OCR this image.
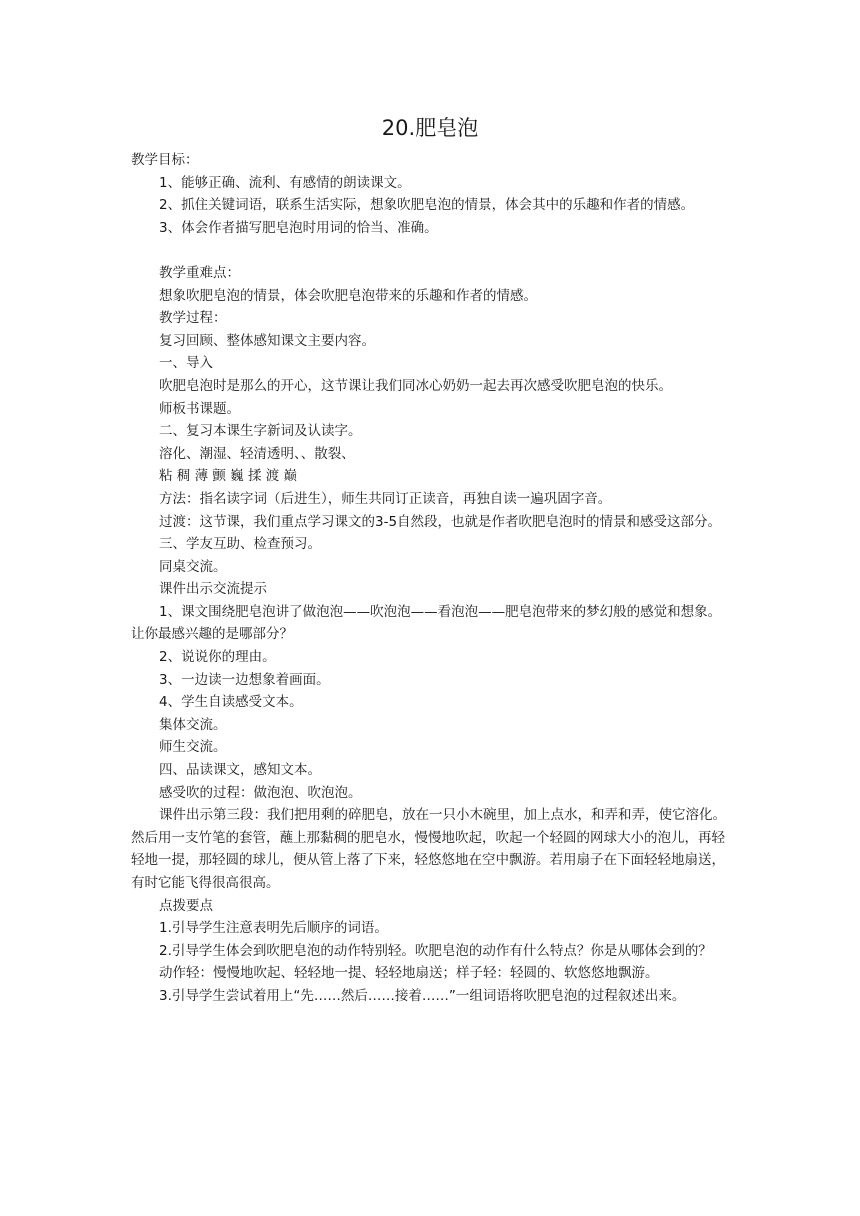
20.肥皂泡

教学目标：

1、能够正确、流利、有感情的朗读课文。

2、抓住关键词语，联系生活实际，想象吹肥皂泡的情景，体会其中的乐趣和作者的情感。

3、体会作者描写肥皂泡时用词的恰当、准确。

教学重难点：

想象吹肥皂泡的情景，体会吹肥皂泡带来的乐趣和作者的情感。

教学过程：

复习回顾、整体感知课文主要内容。

一、导入

吹肥皂泡时是那么的开心，这节课让我们同冰心奶奶一起去再次感受吹肥皂泡的快乐。

师板书课题。

二、复习本课生字新词及认读字。

溶化、潮湿、轻清透明、、散裂、

粘 稠 薄 颤 巍 揉 渡 巅

方法：指名读字词（后进生），师生共同订正读音，再独自读一遍巩固字音。

过渡：这节课，我们重点学习课文的3-5自然段，也就是作者吹肥皂泡时的情景和感受这部分。

三、学友互助、检查预习。

同桌交流。

课件出示交流提示

1、课文围绕肥皂泡讲了做泡泡——吹泡泡——看泡泡——肥皂泡带来的梦幻般的感觉和想象。让你最感兴趣的是哪部分？

2、说说你的理由。

3、一边读一边想象着画面。

4、学生自读感受文本。

集体交流。

师生交流。

四、品读课文，感知文本。

感受吹的过程：做泡泡、吹泡泡。

课件出示第三段：我们把用剩的碎肥皂，放在一只小木碗里，加上点水，和弄和弄，使它溶化。然后用一支竹笔的套管，蘸上那黏稠的肥皂水，慢慢地吹起，吹起一个轻圆的网球大小的泡儿，再轻轻地一提，那轻圆的球儿，便从管上落了下来，轻悠悠地在空中飘游。若用扇子在下面轻轻地扇送，有时它能飞得很高很高。

点拨要点

1.引导学生注意表明先后顺序的词语。

2.引导学生体会到吹肥皂泡的动作特别轻。吹肥皂泡的动作有什么特点？你是从哪体会到的？

动作轻：慢慢地吹起、轻轻地一提、轻轻地扇送；样子轻：轻圆的、软悠悠地飘游。

3.引导学生尝试着用上“先……然后……接着……”一组词语将吹肥皂泡的过程叙述出来。
